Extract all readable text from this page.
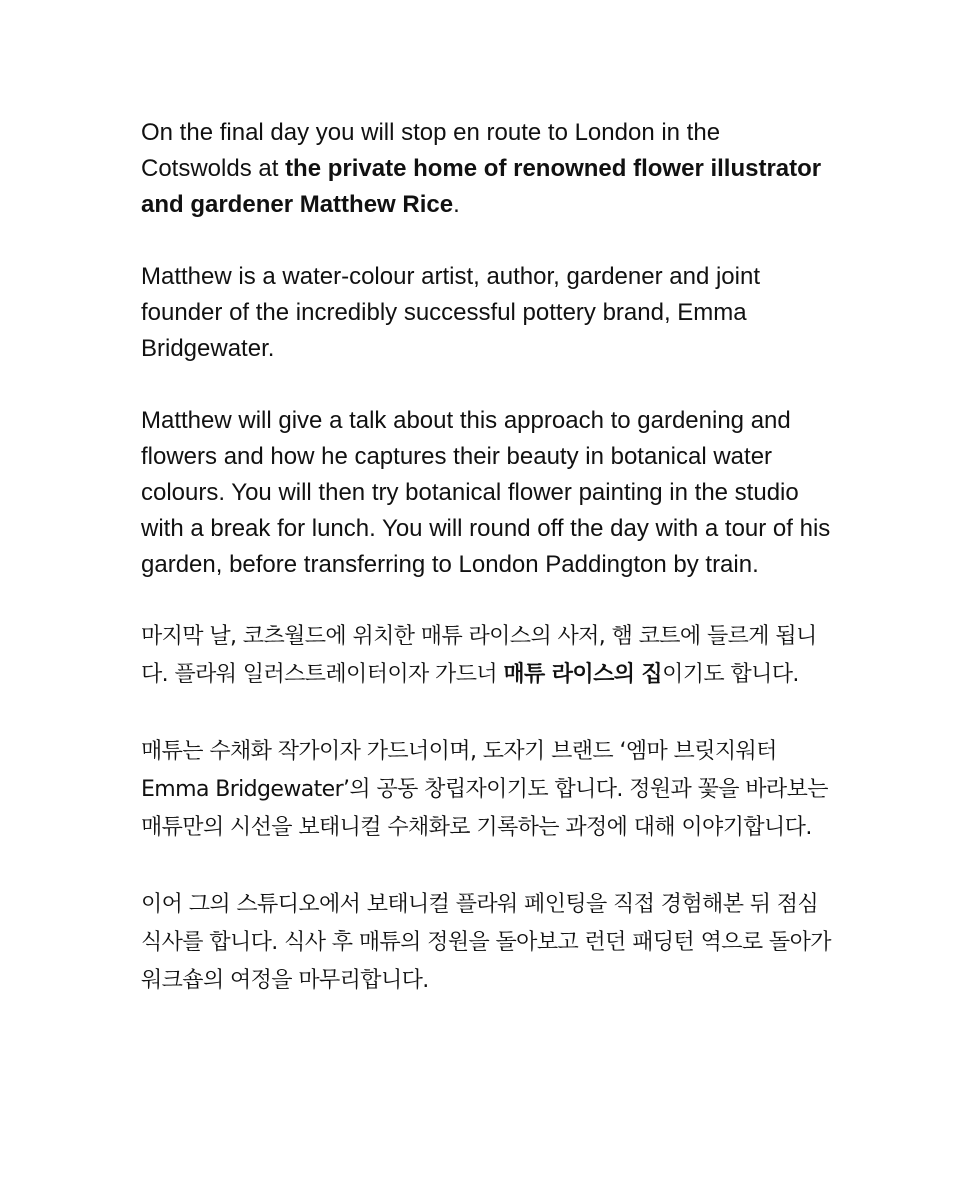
On the final day you will stop en route to London in the Cotswolds at the private home of renowned flower illustrator and gardener Matthew Rice.

Matthew is a water-colour artist, author, gardener and joint founder of the incredibly successful pottery brand, Emma Bridgewater.

Matthew will give a talk about this approach to gardening and flowers and how he captures their beauty in botanical water colours. You will then try botanical flower painting in the studio with a break for lunch. You will round off the day with a tour of his garden, before transferring to London Paddington by train.

마지막 날, 코츠월드에 위치한 매튜 라이스의 사저, 햄 코트에 들르게 됩니다. 플라워 일러스트레이터이자 가드너 매튜 라이스의 집이기도 합니다.

매튜는 수채화 작가이자 가드너이며, 도자기 브랜드 ‘엠마 브릿지워터Emma Bridgewater’의 공동 창립자이기도 합니다. 정원과 꽃을 바라보는 매튜만의 시선을 보태니컬 수채화로 기록하는 과정에 대해 이야기합니다.

이어 그의 스튜디오에서 보태니컬 플라워 페인팅을 직접 경험해본 뒤 점심 식사를 합니다. 식사 후 매튜의 정원을 돌아보고 런던 패딩턴 역으로 돌아가 워크숍의 여정을 마무리합니다.
